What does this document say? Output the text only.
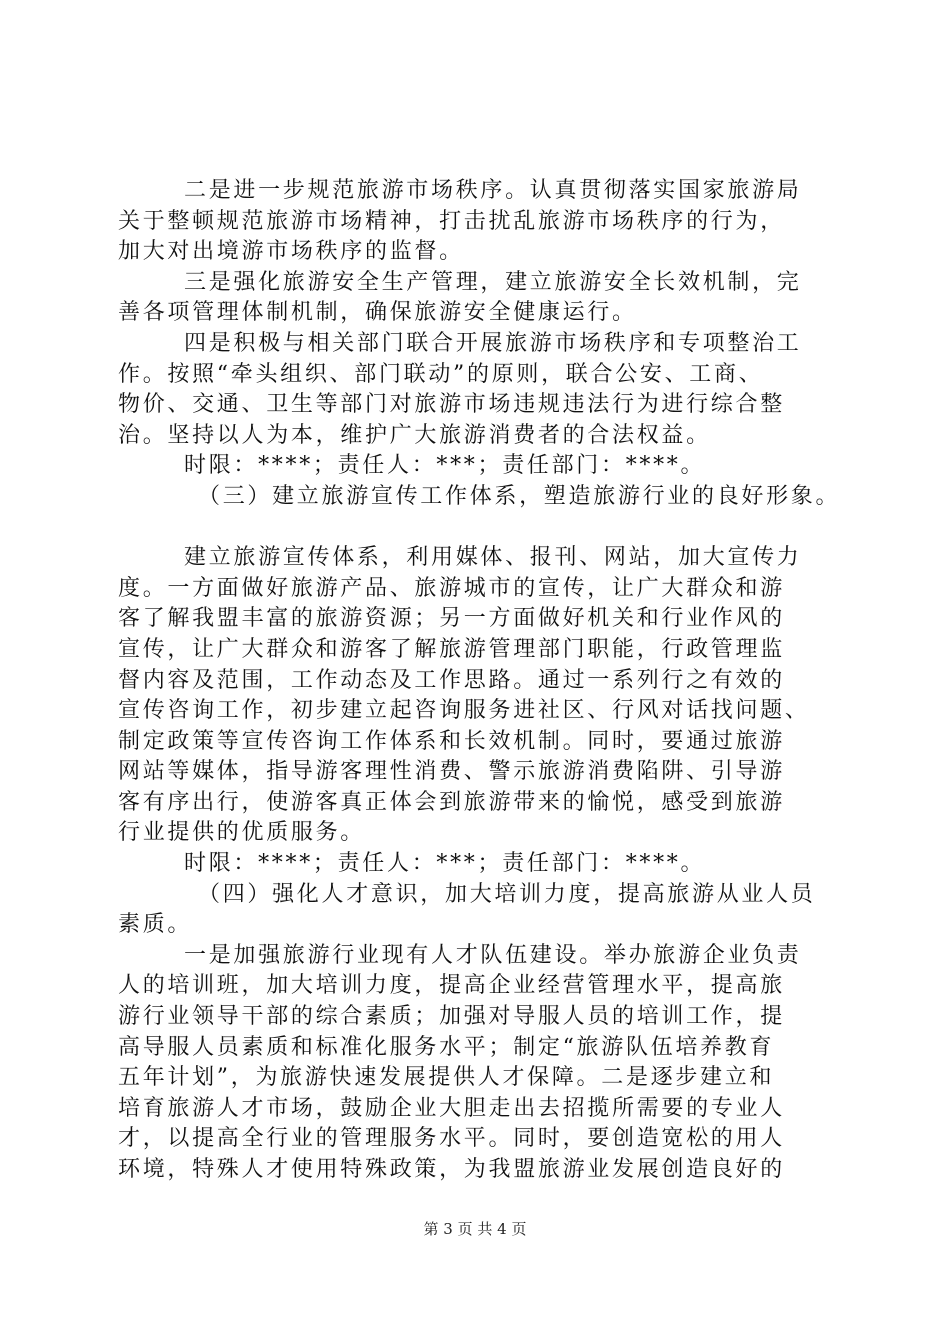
二是进一步规范旅游市场秩序。认真贯彻落实国家旅游局
关于整顿规范旅游市场精神，打击扰乱旅游市场秩序的行为，
加大对出境游市场秩序的监督。
三是强化旅游安全生产管理，建立旅游安全长效机制，完
善各项管理体制机制，确保旅游安全健康运行。
四是积极与相关部门联合开展旅游市场秩序和专项整治工
作。按照“牵头组织、部门联动”的原则，联合公安、工商、
物价、交通、卫生等部门对旅游市场违规违法行为进行综合整
治。坚持以人为本，维护广大旅游消费者的合法权益。
时限：****；责任人：***；责任部门：****。
（三）建立旅游宣传工作体系，塑造旅游行业的良好形象。
建立旅游宣传体系，利用媒体、报刊、网站，加大宣传力
度。一方面做好旅游产品、旅游城市的宣传，让广大群众和游
客了解我盟丰富的旅游资源；另一方面做好机关和行业作风的
宣传，让广大群众和游客了解旅游管理部门职能，行政管理监
督内容及范围，工作动态及工作思路。通过一系列行之有效的
宣传咨询工作，初步建立起咨询服务进社区、行风对话找问题、
制定政策等宣传咨询工作体系和长效机制。同时，要通过旅游
网站等媒体，指导游客理性消费、警示旅游消费陷阱、引导游
客有序出行，使游客真正体会到旅游带来的愉悦，感受到旅游
行业提供的优质服务。
时限：****；责任人：***；责任部门：****。
（四）强化人才意识，加大培训力度，提高旅游从业人员
素质。
一是加强旅游行业现有人才队伍建设。举办旅游企业负责
人的培训班，加大培训力度，提高企业经营管理水平，提高旅
游行业领导干部的综合素质；加强对导服人员的培训工作，提
高导服人员素质和标准化服务水平；制定“旅游队伍培养教育
五年计划”，为旅游快速发展提供人才保障。二是逐步建立和
培育旅游人才市场，鼓励企业大胆走出去招揽所需要的专业人
才，以提高全行业的管理服务水平。同时，要创造宽松的用人
环境，特殊人才使用特殊政策，为我盟旅游业发展创造良好的
第 3 页 共 4 页
